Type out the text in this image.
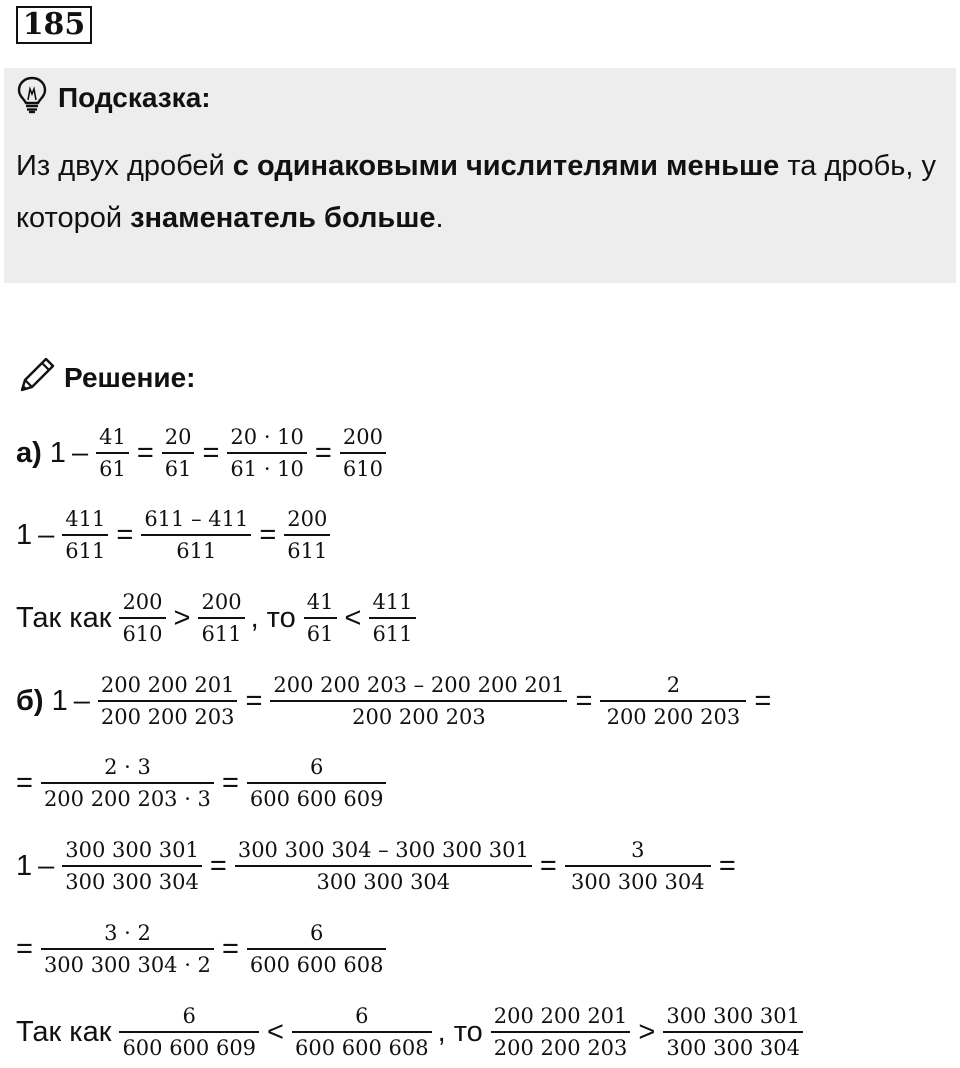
185
Подсказка:
Из двух дробей с одинаковыми числителями меньше та дробь, у которой знаменатель больше.
Решение:
а) $1 - \frac{41}{61} = \frac{20}{61} = \frac{20 \cdot 10}{61 \cdot 10} = \frac{200}{610}$
$1 - \frac{411}{611} = \frac{611 - 411}{611} = \frac{200}{611}$
Так как $\frac{200}{610} > \frac{200}{611}$ , то $\frac{41}{61} < \frac{411}{611}$
б) $1 - \frac{200 200 201}{200 200 203} = \frac{200 200 203 - 200 200 201}{200 200 203} = \frac{2}{200 200 203}$ =
= $\frac{2 \cdot 3}{200 200 203 \cdot 3} = \frac{6}{600 600 609}$
$1 - \frac{300 300 301}{300 300 304} = \frac{300 300 304 - 300 300 301}{300 300 304} = \frac{3}{300 300 304}$ =
= $\frac{3 \cdot 2}{300 300 304 \cdot 2} = \frac{6}{600 600 608}$
Так как $\frac{6}{600 600 609} < \frac{6}{600 600 608}$ , то $\frac{200 200 201}{200 200 203} > \frac{300 300 301}{300 300 304}$
